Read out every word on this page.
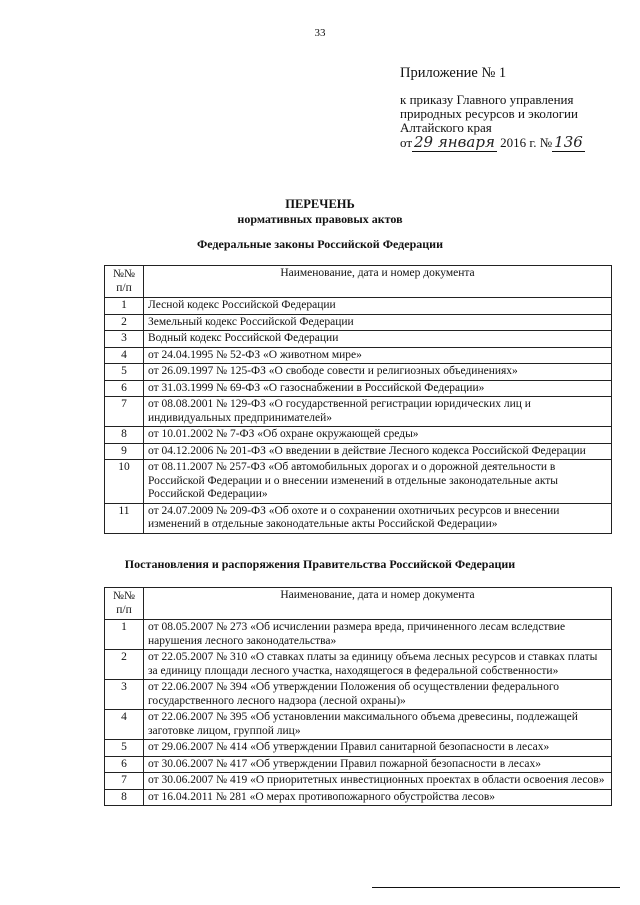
33
Приложение № 1
к приказу Главного управления
природных ресурсов и экологии
Алтайского края
от 29 января 2016 г. № 136
ПЕРЕЧЕНЬ
нормативных правовых актов
Федеральные законы Российской Федерации
№№ п/п	Наименование, дата и номер документа
1	Лесной кодекс Российской Федерации
2	Земельный кодекс Российской Федерации
3	Водный кодекс Российской Федерации
4	от 24.04.1995 № 52-ФЗ «О животном мире»
5	от 26.09.1997 № 125-ФЗ «О свободе совести и религиозных объединениях»
6	от 31.03.1999 № 69-ФЗ «О газоснабжении в Российской Федерации»
7	от 08.08.2001 № 129-ФЗ «О государственной регистрации юридических лиц и индивидуальных предпринимателей»
8	от 10.01.2002 № 7-ФЗ «Об охране окружающей среды»
9	от 04.12.2006 № 201-ФЗ «О введении в действие Лесного кодекса Российской Федерации
10	от 08.11.2007 № 257-ФЗ «Об автомобильных дорогах и о дорожной деятельности в Российской Федерации и о внесении изменений в отдельные законодательные акты Российской Федерации»
11	от 24.07.2009 № 209-ФЗ «Об охоте и о сохранении охотничьих ресурсов и внесении изменений в отдельные законодательные акты Российской Федерации»
Постановления и распоряжения Правительства Российской Федерации
№№ п/п	Наименование, дата и номер документа
1	от 08.05.2007 № 273 «Об исчислении размера вреда, причиненного лесам вследствие нарушения лесного законодательства»
2	от 22.05.2007 № 310 «О ставках платы за единицу объема лесных ресурсов и ставках платы за единицу площади лесного участка, находящегося в федеральной собственности»
3	от 22.06.2007 № 394 «Об утверждении Положения об осуществлении федерального государственного лесного надзора (лесной охраны)»
4	от 22.06.2007 № 395 «Об установлении максимального объема древесины, подлежащей заготовке лицом, группой лиц»
5	от 29.06.2007 № 414 «Об утверждении Правил санитарной безопасности в лесах»
6	от 30.06.2007 № 417 «Об утверждении Правил пожарной безопасности в лесах»
7	от 30.06.2007 № 419 «О приоритетных инвестиционных проектах в области освоения лесов»
8	от 16.04.2011 № 281 «О мерах противопожарного обустройства лесов»
